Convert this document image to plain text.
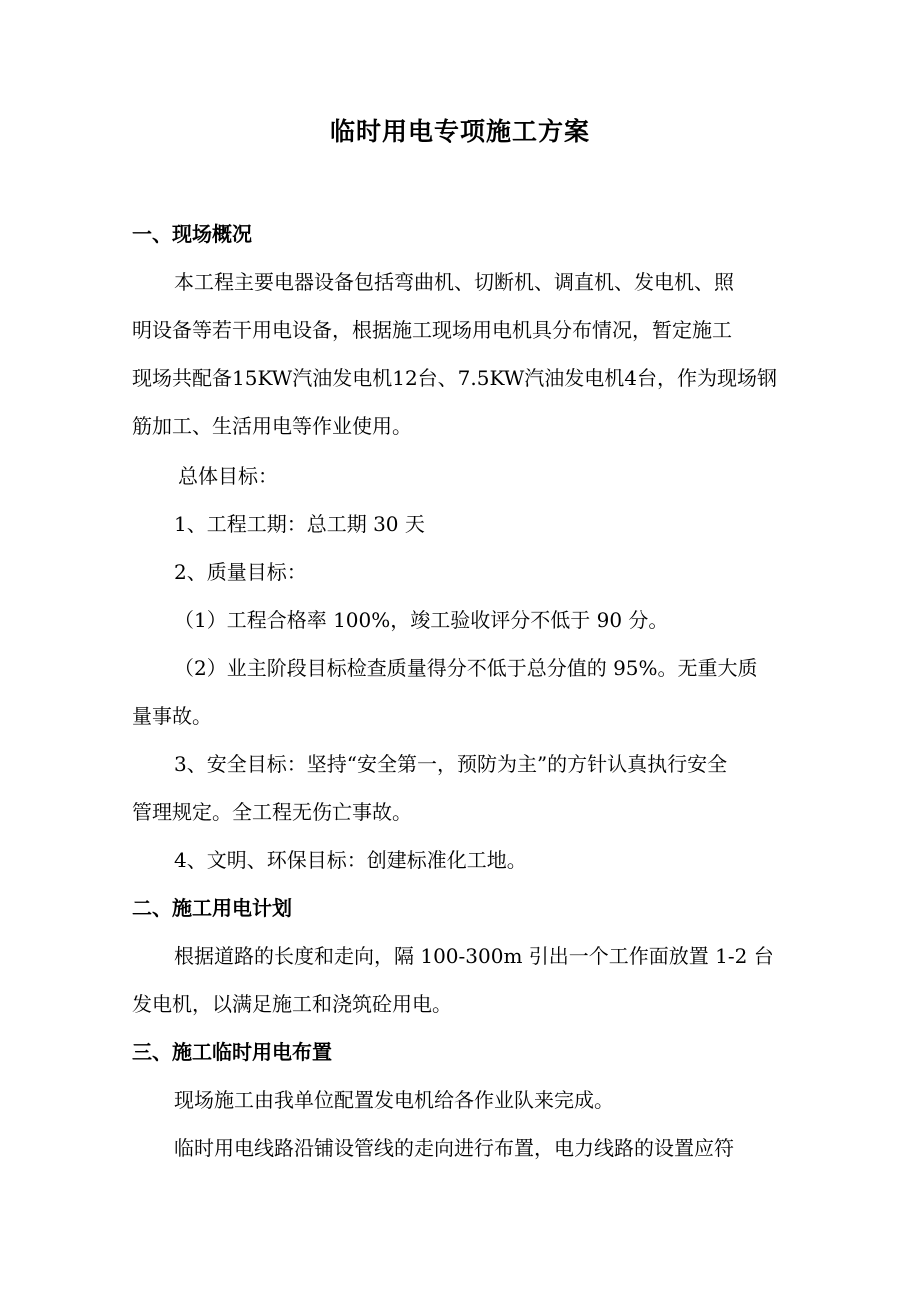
临时用电专项施工方案
一、现场概况
本工程主要电器设备包括弯曲机、切断机、调直机、发电机、照
明设备等若干用电设备，根据施工现场用电机具分布情况，暂定施工
现场共配备15KW汽油发电机12台、7.5KW汽油发电机4台，作为现场钢
筋加工、生活用电等作业使用。
总体目标：
1、工程工期：总工期 30 天
2、质量目标：
（1）工程合格率 100%，竣工验收评分不低于 90 分。
（2）业主阶段目标检查质量得分不低于总分值的 95%。无重大质
量事故。
3、安全目标：坚持“安全第一，预防为主”的方针认真执行安全
管理规定。全工程无伤亡事故。
4、文明、环保目标：创建标准化工地。
二、施工用电计划
根据道路的长度和走向，隔 100-300m 引出一个工作面放置 1-2 台
发电机，以满足施工和浇筑砼用电。
三、施工临时用电布置
现场施工由我单位配置发电机给各作业队来完成。
临时用电线路沿铺设管线的走向进行布置，电力线路的设置应符
